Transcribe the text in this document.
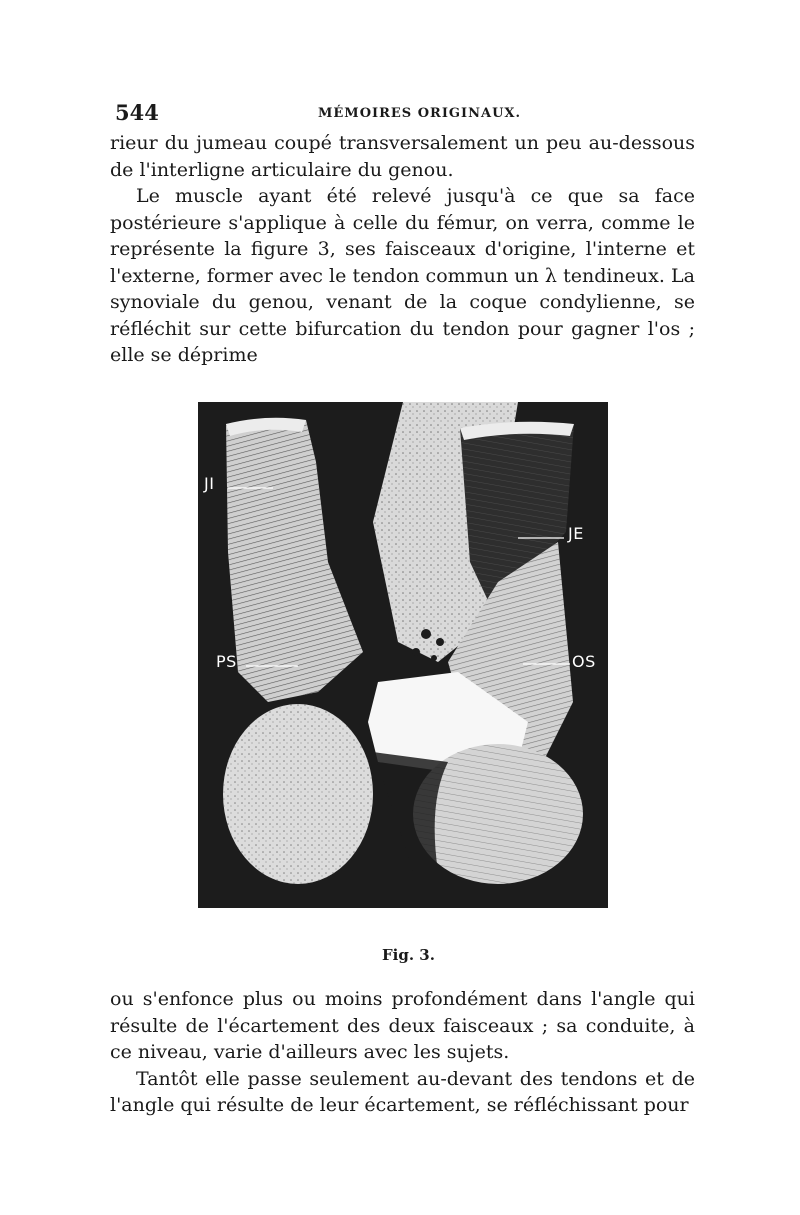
544	MÉMOIRES ORIGINAUX.

rieur du jumeau coupé transversalement un peu au-dessous de l'interligne articulaire du genou.

Le muscle ayant été relevé jusqu'à ce que sa face postérieure s'applique à celle du fémur, on verra, comme le représente la figure 3, ses faisceaux d'origine, l'interne et l'externe, former avec le tendon commun un λ tendineux. La synoviale du genou, venant de la coque condylienne, se réfléchit sur cette bifurcation du tendon pour gagner l'os ; elle se déprime

JI
JE
PS	OS
Fig. 3.

ou s'enfonce plus ou moins profondément dans l'angle qui résulte de l'écartement des deux faisceaux ; sa conduite, à ce niveau, varie d'ailleurs avec les sujets.

Tantôt elle passe seulement au-devant des tendons et de l'angle qui résulte de leur écartement, se réfléchissant pour
